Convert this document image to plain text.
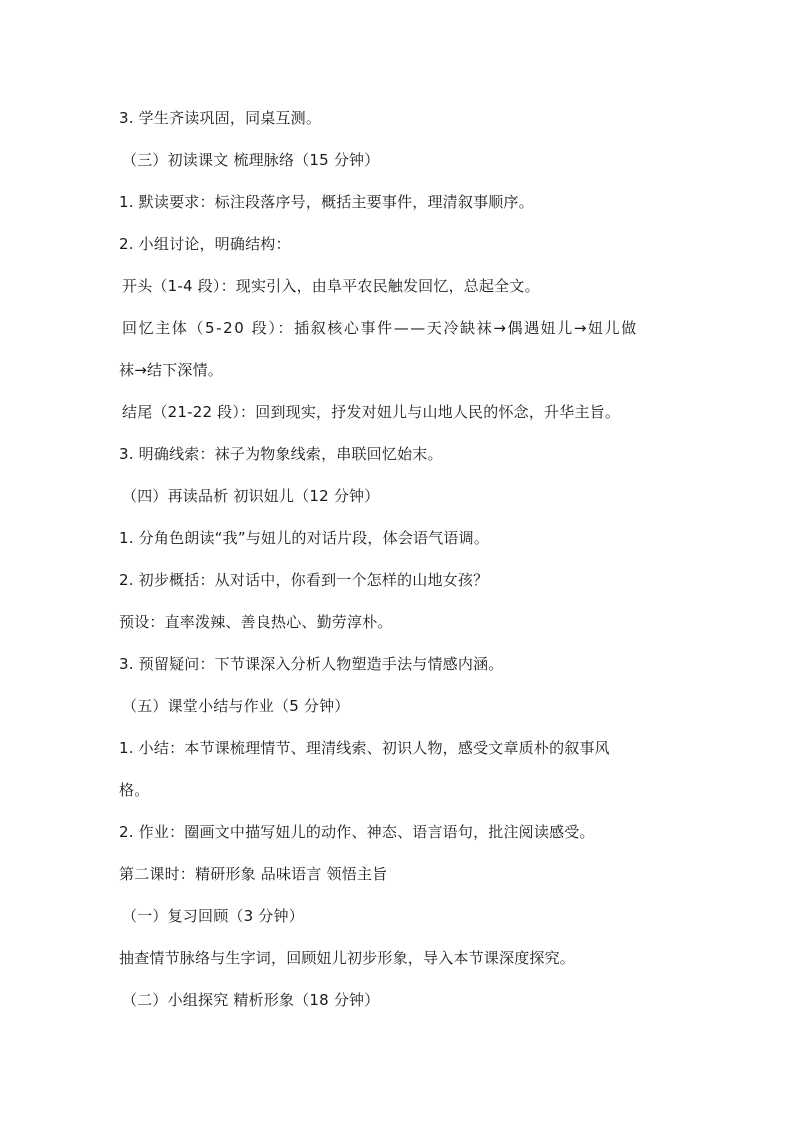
3. 学生齐读巩固，同桌互测。
（三）初读课文 梳理脉络（15 分钟）
1. 默读要求：标注段落序号，概括主要事件，理清叙事顺序。
2. 小组讨论，明确结构：
开头（1-4 段）：现实引入，由阜平农民触发回忆，总起全文。
回忆主体（5-20 段）：插叙核心事件——天冷缺袜→偶遇妞儿→妞儿做
袜→结下深情。
结尾（21-22 段）：回到现实，抒发对妞儿与山地人民的怀念，升华主旨。
3. 明确线索：袜子为物象线索，串联回忆始末。
（四）再读品析 初识妞儿（12 分钟）
1. 分角色朗读“我”与妞儿的对话片段，体会语气语调。
2. 初步概括：从对话中，你看到一个怎样的山地女孩？
预设：直率泼辣、善良热心、勤劳淳朴。
3. 预留疑问：下节课深入分析人物塑造手法与情感内涵。
（五）课堂小结与作业（5 分钟）
1. 小结：本节课梳理情节、理清线索、初识人物，感受文章质朴的叙事风
格。
2. 作业：圈画文中描写妞儿的动作、神态、语言语句，批注阅读感受。
第二课时：精研形象 品味语言 领悟主旨
（一）复习回顾（3 分钟）
抽查情节脉络与生字词，回顾妞儿初步形象，导入本节课深度探究。
（二）小组探究 精析形象（18 分钟）
